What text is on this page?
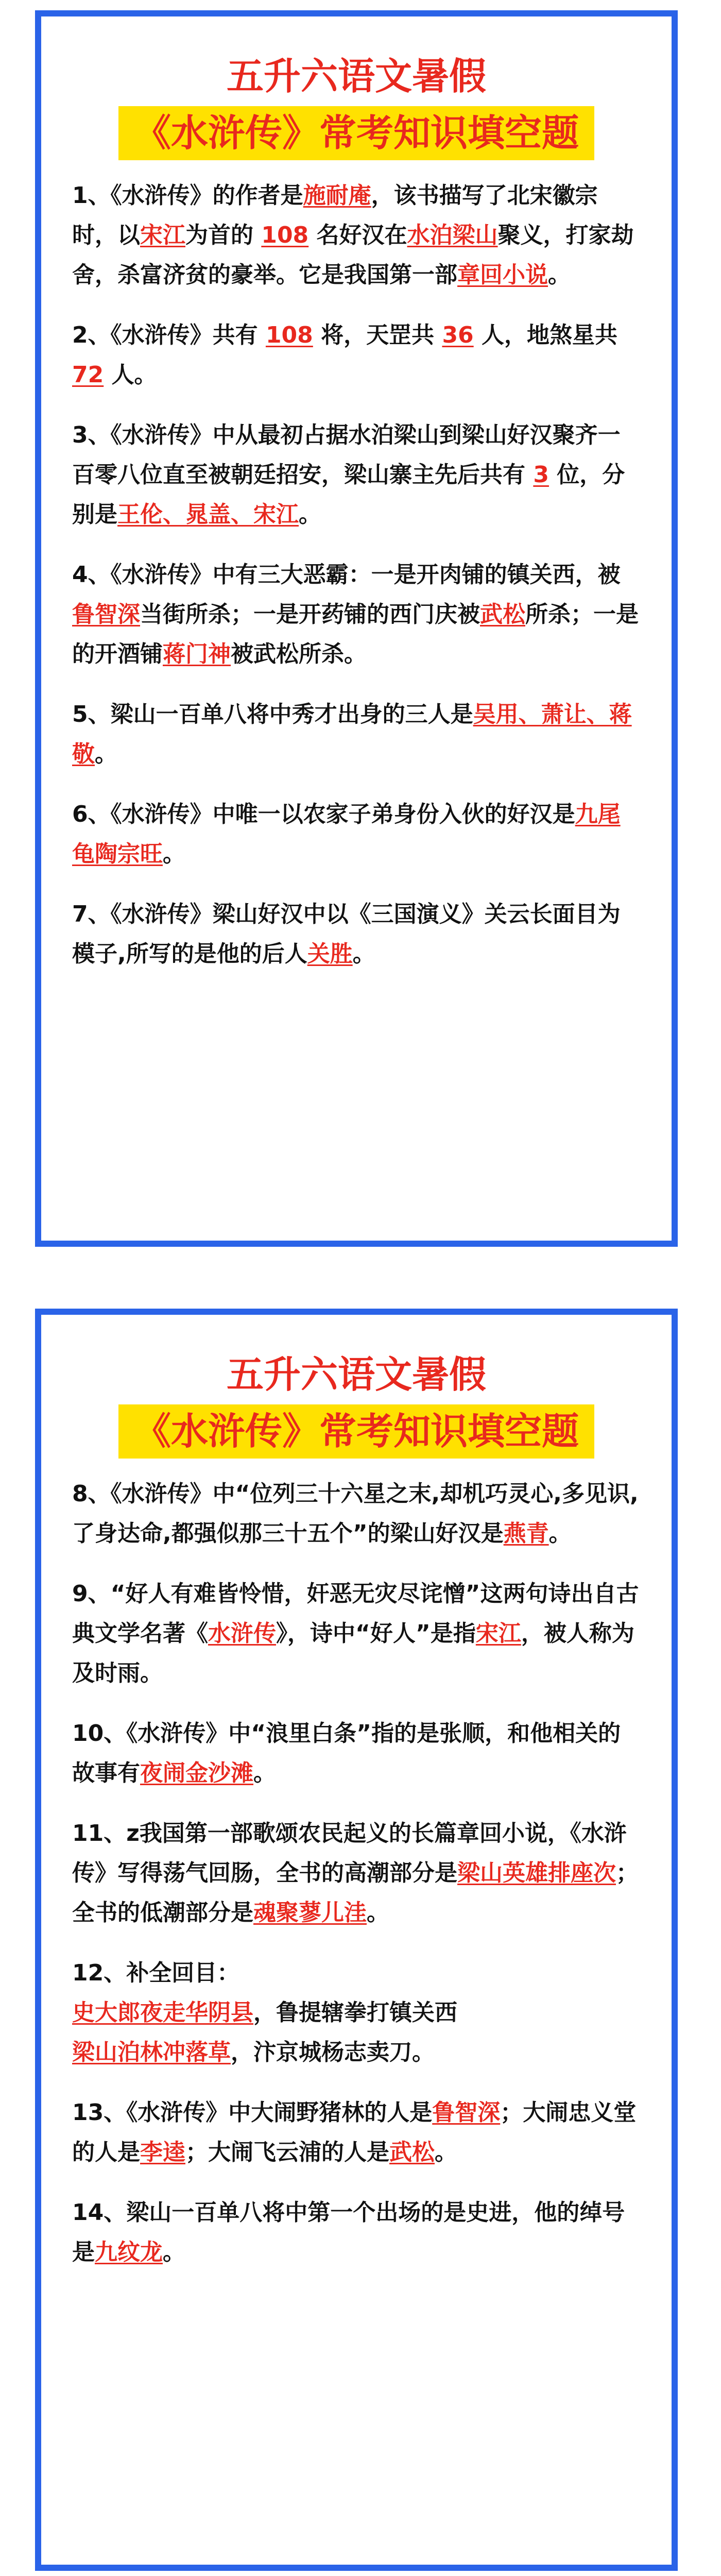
五升六语文暑假
《水浒传》常考知识填空题

1、《水浒传》的作者是施耐庵，该书描写了北宋徽宗时，以宋江为首的 108 名好汉在水泊梁山聚义，打家劫舍，杀富济贫的豪举。它是我国第一部章回小说。

2、《水浒传》共有 108 将，天罡共 36 人，地煞星共 72 人。

3、《水浒传》中从最初占据水泊梁山到梁山好汉聚齐一百零八位直至被朝廷招安，梁山寨主先后共有 3 位，分别是王伦、晁盖、宋江。

4、《水浒传》中有三大恶霸：一是开肉铺的镇关西，被鲁智深当街所杀；一是开药铺的西门庆被武松所杀；一是的开酒铺蒋门神被武松所杀。

5、梁山一百单八将中秀才出身的三人是吴用、萧让、蒋敬。

6、《水浒传》中唯一以农家子弟身份入伙的好汉是九尾龟陶宗旺。

7、《水浒传》梁山好汉中以《三国演义》关云长面目为模子,所写的是他的后人关胜。

五升六语文暑假
《水浒传》常考知识填空题

8、《水浒传》中“位列三十六星之末,却机巧灵心,多见识,了身达命,都强似那三十五个”的梁山好汉是燕青。

9、“好人有难皆怜惜，奸恶无灾尽诧憎”这两句诗出自古典文学名著《水浒传》，诗中“好人”是指宋江，被人称为及时雨。

10、《水浒传》中“浪里白条”指的是张顺，和他相关的故事有夜闹金沙滩。

11、z我国第一部歌颂农民起义的长篇章回小说，《水浒传》写得荡气回肠，全书的高潮部分是梁山英雄排座次；全书的低潮部分是魂聚蓼儿洼。

12、补全回目：
史大郎夜走华阴县，鲁提辖拳打镇关西
梁山泊林冲落草，汴京城杨志卖刀。

13、《水浒传》中大闹野猪林的人是鲁智深；大闹忠义堂的人是李逵；大闹飞云浦的人是武松。

14、梁山一百单八将中第一个出场的是史进，他的绰号是九纹龙。
